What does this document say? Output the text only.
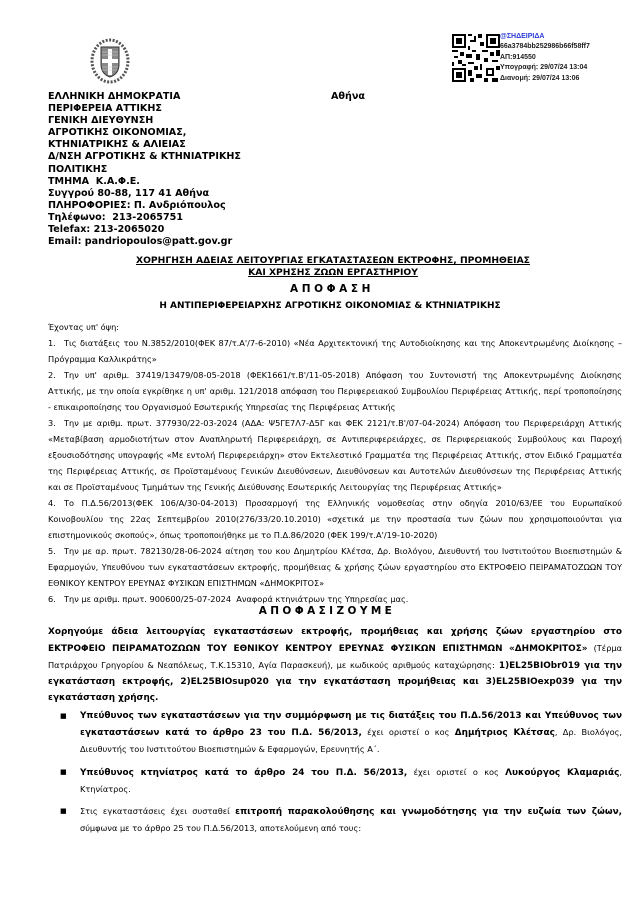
@ΣΗΔΕΙΡΙΔΑ
66a3784bb252986b66f58ff7
ΑΠ:914550
Υπογραφή: 29/07/24 13:04
Διανομή: 29/07/24 13:06
ΕΛΛΗΝΙΚΗ ΔΗΜΟΚΡΑΤΙΑ
ΠΕΡΙΦΕΡΕΙΑ ΑΤΤΙΚΗΣ
ΓΕΝΙΚΗ ΔΙΕΥΘΥΝΣΗ
ΑΓΡΟΤΙΚΗΣ ΟΙΚΟΝΟΜΙΑΣ,
ΚΤΗΝΙΑΤΡΙΚΗΣ & ΑΛΙΕΙΑΣ
Δ/ΝΣΗ ΑΓΡΟΤΙΚΗΣ & ΚΤΗΝΙΑΤΡΙΚΗΣ
ΠΟΛΙΤΙΚΗΣ
ΤΜΗΜΑ  Κ.Α.Φ.Ε.
Συγγρού 80-88, 117 41 Αθήνα
ΠΛΗΡΟΦΟΡΙΕΣ: Π. Ανδριόπουλος
Τηλέφωνο:  213-2065751
Telefax: 213-2065020
Email: pandriopoulos@patt.gov.gr
Αθήνα
ΧΟΡΗΓΗΣΗ ΑΔΕΙΑΣ ΛΕΙΤΟΥΡΓΙΑΣ ΕΓΚΑΤΑΣΤΑΣΕΩΝ ΕΚΤΡΟΦΗΣ, ΠΡΟΜΗΘΕΙΑΣ
ΚΑΙ ΧΡΗΣΗΣ ΖΩΩΝ ΕΡΓΑΣΤΗΡΙΟΥ
ΑΠΟΦΑΣΗ
Η ΑΝΤΙΠΕΡΙΦΕΡΕΙΑΡΧΗΣ ΑΓΡΟΤΙΚΗΣ ΟΙΚΟΝΟΜΙΑΣ & ΚΤΗΝΙΑΤΡΙΚΗΣ

Έχοντας υπ' όψη:

1. Τις διατάξεις του Ν.3852/2010(ΦΕΚ 87/τ.Α'/7-6-2010) «Νέα Αρχιτεκτονική της Αυτοδιοίκησης και της Αποκεντρωμένης Διοίκησης – Πρόγραμμα Καλλικράτης»

2. Την υπ' αριθμ. 37419/13479/08-05-2018 (ΦΕΚ1661/τ.Β'/11-05-2018) Απόφαση του Συντονιστή της Αποκεντρωμένης Διοίκησης Αττικής, με την οποία εγκρίθηκε η υπ' αριθμ. 121/2018 απόφαση του Περιφερειακού Συμβουλίου Περιφέρειας Αττικής, περί τροποποίησης - επικαιροποίησης του Οργανισμού Εσωτερικής Υπηρεσίας της Περιφέρειας Αττικής

3. Την με αριθμ. πρωτ. 377930/22-03-2024 (ΑΔΑ: Ψ5ΓΕ7Λ7-Δ5Γ και ΦΕΚ 2121/τ.Β'/07-04-2024) Απόφαση του Περιφερειάρχη Αττικής «Μεταβίβαση αρμοδιοτήτων στον Αναπληρωτή Περιφερειάρχη, σε Αντιπεριφερειάρχες, σε Περιφερειακούς Συμβούλους και Παροχή εξουσιοδότησης υπογραφής «Με εντολή Περιφερειάρχη» στον Εκτελεστικό Γραμματέα της Περιφέρειας Αττικής, στον Ειδικό Γραμματέα της Περιφέρειας Αττικής, σε Προϊσταμένους Γενικών Διευθύνσεων, Διευθύνσεων και Αυτοτελών Διευθύνσεων της Περιφέρειας Αττικής και σε Προϊσταμένους Τμημάτων της Γενικής Διεύθυνσης Εσωτερικής Λειτουργίας της Περιφέρειας Αττικής»

4. Το Π.Δ.56/2013(ΦΕΚ 106/Α/30-04-2013) Προσαρμογή της Ελληνικής νομοθεσίας στην οδηγία 2010/63/ΕΕ του Ευρωπαϊκού Κοινοβουλίου της 22ας Σεπτεμβρίου 2010(276/33/20.10.2010) «σχετικά με την προστασία των ζώων που χρησιμοποιούνται για επιστημονικούς σκοπούς», όπως τροποποιήθηκε με το Π.Δ.86/2020 (ΦΕΚ 199/τ.Α'/19-10-2020)

5. Την με αρ. πρωτ. 782130/28-06-2024 αίτηση του κου Δημητρίου Κλέτσα, Δρ. Βιολόγου, Διευθυντή του Ινστιτούτου Βιοεπιστημών & Εφαρμογών, Υπευθύνου των εγκαταστάσεων εκτροφής, προμήθειας & χρήσης ζώων εργαστηρίου στο ΕΚΤΡΟΦΕΙΟ ΠΕΙΡΑΜΑΤΟΖΩΩΝ ΤΟΥ ΕΘΝΙΚΟΥ ΚΕΝΤΡΟΥ ΕΡΕΥΝΑΣ ΦΥΣΙΚΩΝ ΕΠΙΣΤΗΜΩΝ «ΔΗΜΟΚΡΙΤΟΣ»

6. Την με αριθμ. πρωτ. 900600/25-07-2024  Αναφορά κτηνιάτρων της Υπηρεσίας μας.

ΑΠΟΦΑΣΙΖΟΥΜΕ

Χορηγούμε άδεια λειτουργίας εγκαταστάσεων εκτροφής, προμήθειας και χρήσης ζώων εργαστηρίου στο ΕΚΤΡΟΦΕΙΟ ΠΕΙΡΑΜΑΤΟΖΩΩΝ ΤΟΥ ΕΘΝΙΚΟΥ ΚΕΝΤΡΟΥ ΕΡΕΥΝΑΣ ΦΥΣΙΚΩΝ ΕΠΙΣΤΗΜΩΝ «ΔΗΜΟΚΡΙΤΟΣ» (Τέρμα Πατριάρχου Γρηγορίου & Νεαπόλεως, Τ.Κ.15310, Αγία Παρασκευή), με κωδικούς αριθμούς καταχώρησης: 1)EL25BIObr019 για την εγκατάσταση εκτροφής, 2)EL25BIOsup020 για την εγκατάσταση προμήθειας και 3)EL25BIOexp039 για την εγκατάσταση χρήσης.

■ Υπεύθυνος των εγκαταστάσεων για την συμμόρφωση με τις διατάξεις του Π.Δ.56/2013 και Υπεύθυνος των εγκαταστάσεων κατά το άρθρο 23 του Π.Δ. 56/2013, έχει οριστεί ο κος Δημήτριος Κλέτσας, Δρ. Βιολόγος, Διευθυντής του Ινστιτούτου Βιοεπιστημών & Εφαρμογών, Ερευνητής Α΄.
■ Υπεύθυνος κτηνίατρος κατά το άρθρο 24 του Π.Δ. 56/2013, έχει οριστεί ο κος Λυκούργος Κλαμαριάς, Κτηνίατρος.
■ Στις εγκαταστάσεις έχει συσταθεί επιτροπή παρακολούθησης και γνωμοδότησης για την ευζωία των ζώων, σύμφωνα με το άρθρο 25 του Π.Δ.56/2013, αποτελούμενη από τους:
